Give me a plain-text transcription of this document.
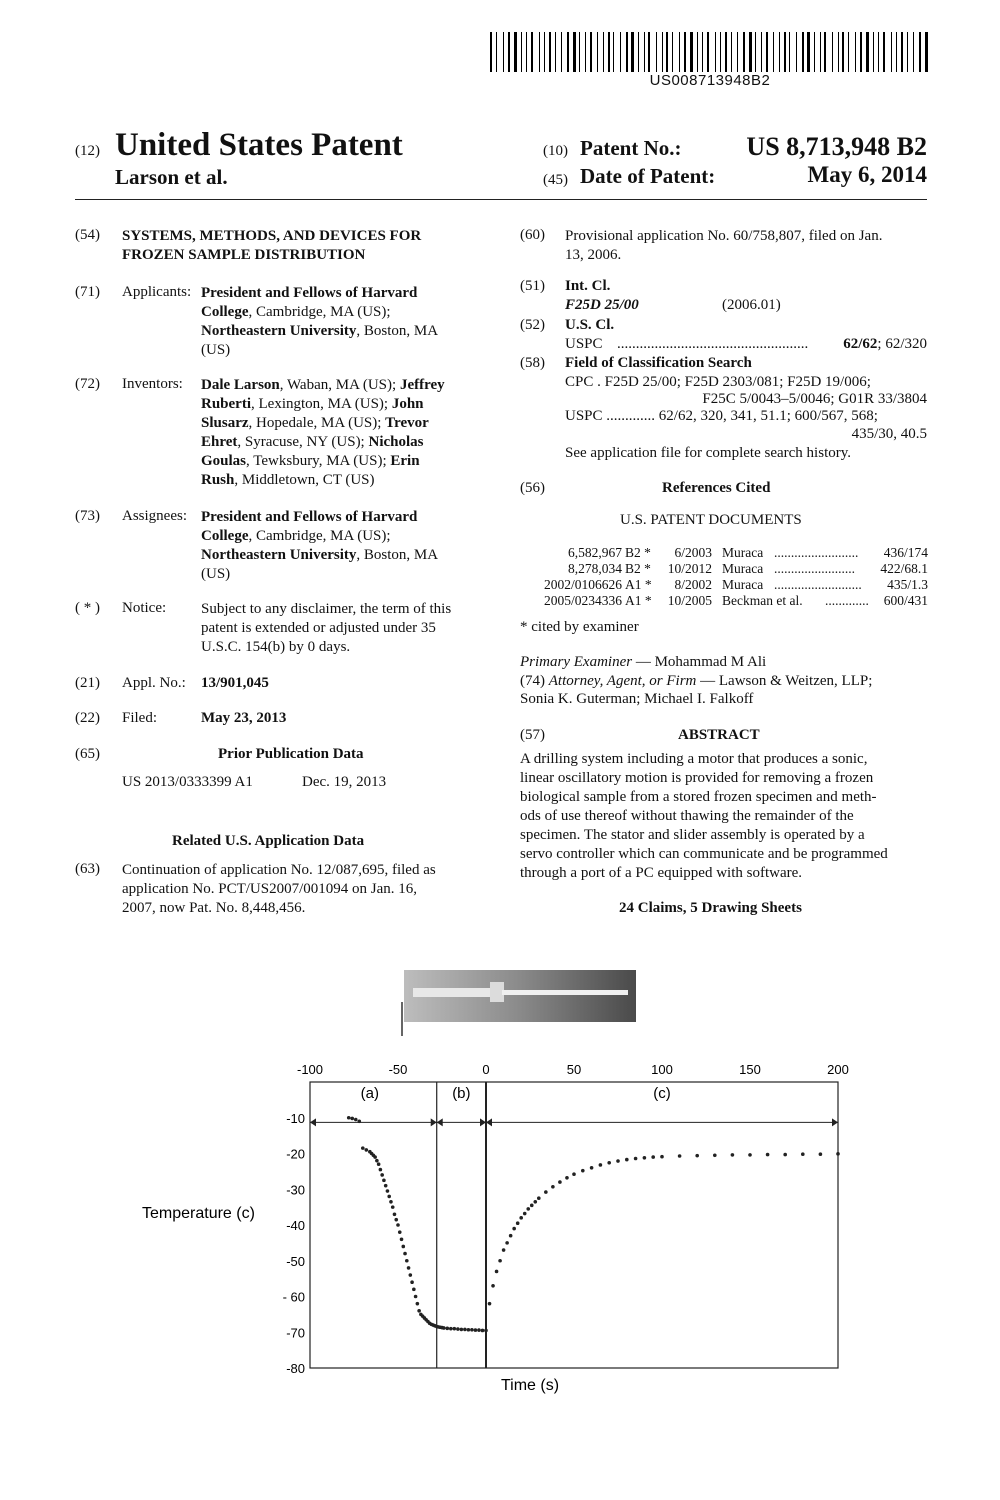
US008713948B2
(12) United States Patent
Larson et al.
(10) Patent No.: US 8,713,948 B2
(45) Date of Patent:	May 6, 2014
(54) SYSTEMS, METHODS, AND DEVICES FOR
FROZEN SAMPLE DISTRIBUTION
(71) Applicants: President and Fellows of Harvard
College, Cambridge, MA (US);
Northeastern University, Boston, MA
(US)
(72) Inventors: Dale Larson, Waban, MA (US); Jeffrey
Ruberti, Lexington, MA (US); John
Slusarz, Hopedale, MA (US); Trevor
Ehret, Syracuse, NY (US); Nicholas
Goulas, Tewksbury, MA (US); Erin
Rush, Middletown, CT (US)
(73) Assignees: President and Fellows of Harvard
College, Cambridge, MA (US);
Northeastern University, Boston, MA
(US)
( * ) Notice: Subject to any disclaimer, the term of this
patent is extended or adjusted under 35
U.S.C. 154(b) by 0 days.
(21) Appl. No.: 13/901,045
(22) Filed:	May 23, 2013
(65)	Prior Publication Data
US 2013/0333399 A1	Dec. 19, 2013
Related U.S. Application Data
(63) Continuation of application No. 12/087,695, filed as
application No. PCT/US2007/001094 on Jan. 16,
2007, now Pat. No. 8,448,456.
(60) Provisional application No. 60/758,807, filed on Jan.
13, 2006.
(51) Int. Cl.
F25D 25/00	(2006.01)
(52) U.S. Cl.
USPC ................................................... 62/62; 62/320
(58) Field of Classification Search
CPC . F25D 25/00; F25D 2303/081; F25D 19/006;
F25C 5/0043–5/0046; G01R 33/3804
USPC ............. 62/62, 320, 341, 51.1; 600/567, 568;
435/30, 40.5
See application file for complete search history.
(56)	References Cited
U.S. PATENT DOCUMENTS
6,582,967 B2 * 6/2003 Muraca ......................... 436/174
8,278,034 B2 * 10/2012 Muraca ........................ 422/68.1
2002/0106626 A1 * 8/2002 Muraca .......................... 435/1.3
2005/0234336 A1 * 10/2005 Beckman et al. ............. 600/431
* cited by examiner
Primary Examiner — Mohammad M Ali
(74) Attorney, Agent, or Firm — Lawson & Weitzen, LLP;
Sonia K. Guterman; Michael I. Falkoff
(57)	ABSTRACT
A drilling system including a motor that produces a sonic,
linear oscillatory motion is provided for removing a frozen
biological sample from a stored frozen specimen and meth-
ods of use thereof without thawing the remainder of the
specimen. The stator and slider assembly is operated by a
servo controller which can communicate and be programmed
through a port of a PC equipped with software.
24 Claims, 5 Drawing Sheets
-100	-50	0	50	100	150	200
-10
-20
-30
-40
-50
- 60
-70
-80
Temperature (c)
Time (s)
(a)	(b)	(c)
